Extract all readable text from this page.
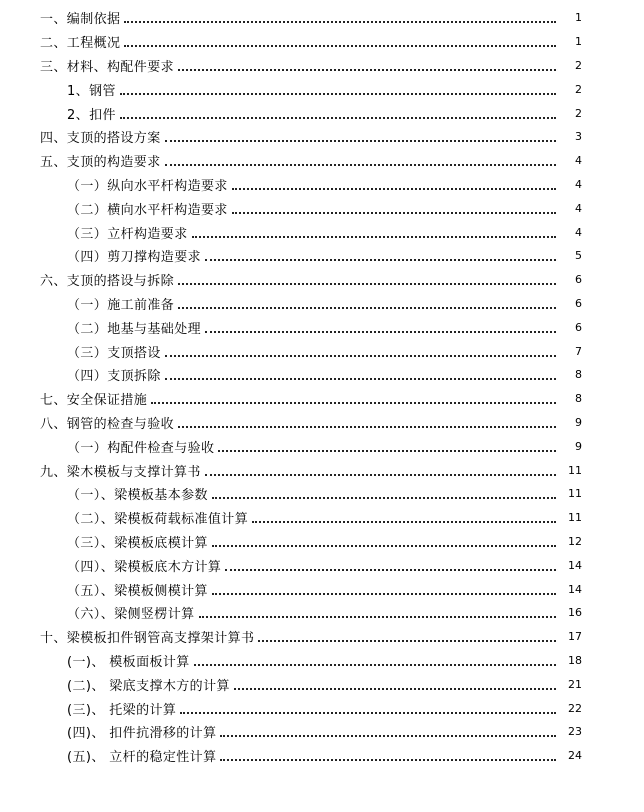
一、编制依据	1
二、工程概况	1
三、材料、构配件要求	2
1、钢管	2
2、扣件	2
四、支顶的搭设方案	3
五、支顶的构造要求	4
（一）纵向水平杆构造要求	4
（二）横向水平杆构造要求	4
（三）立杆构造要求	4
（四）剪刀撑构造要求	5
六、支顶的搭设与拆除	6
（一）施工前准备	6
（二）地基与基础处理	6
（三）支顶搭设	7
（四）支顶拆除	8
七、安全保证措施	8
八、钢管的检查与验收	9
（一）构配件检查与验收	9
九、梁木模板与支撑计算书	11
（一）、梁模板基本参数	11
（二）、梁模板荷载标准值计算	11
（三）、梁模板底模计算	12
（四）、梁模板底木方计算	14
（五）、梁模板侧模计算	14
（六）、梁侧竖楞计算	16
十、梁模板扣件钢管高支撑架计算书	17
(一)、 模板面板计算	18
(二)、 梁底支撑木方的计算	21
(三)、 托梁的计算	22
(四)、 扣件抗滑移的计算	23
(五)、 立杆的稳定性计算	24
